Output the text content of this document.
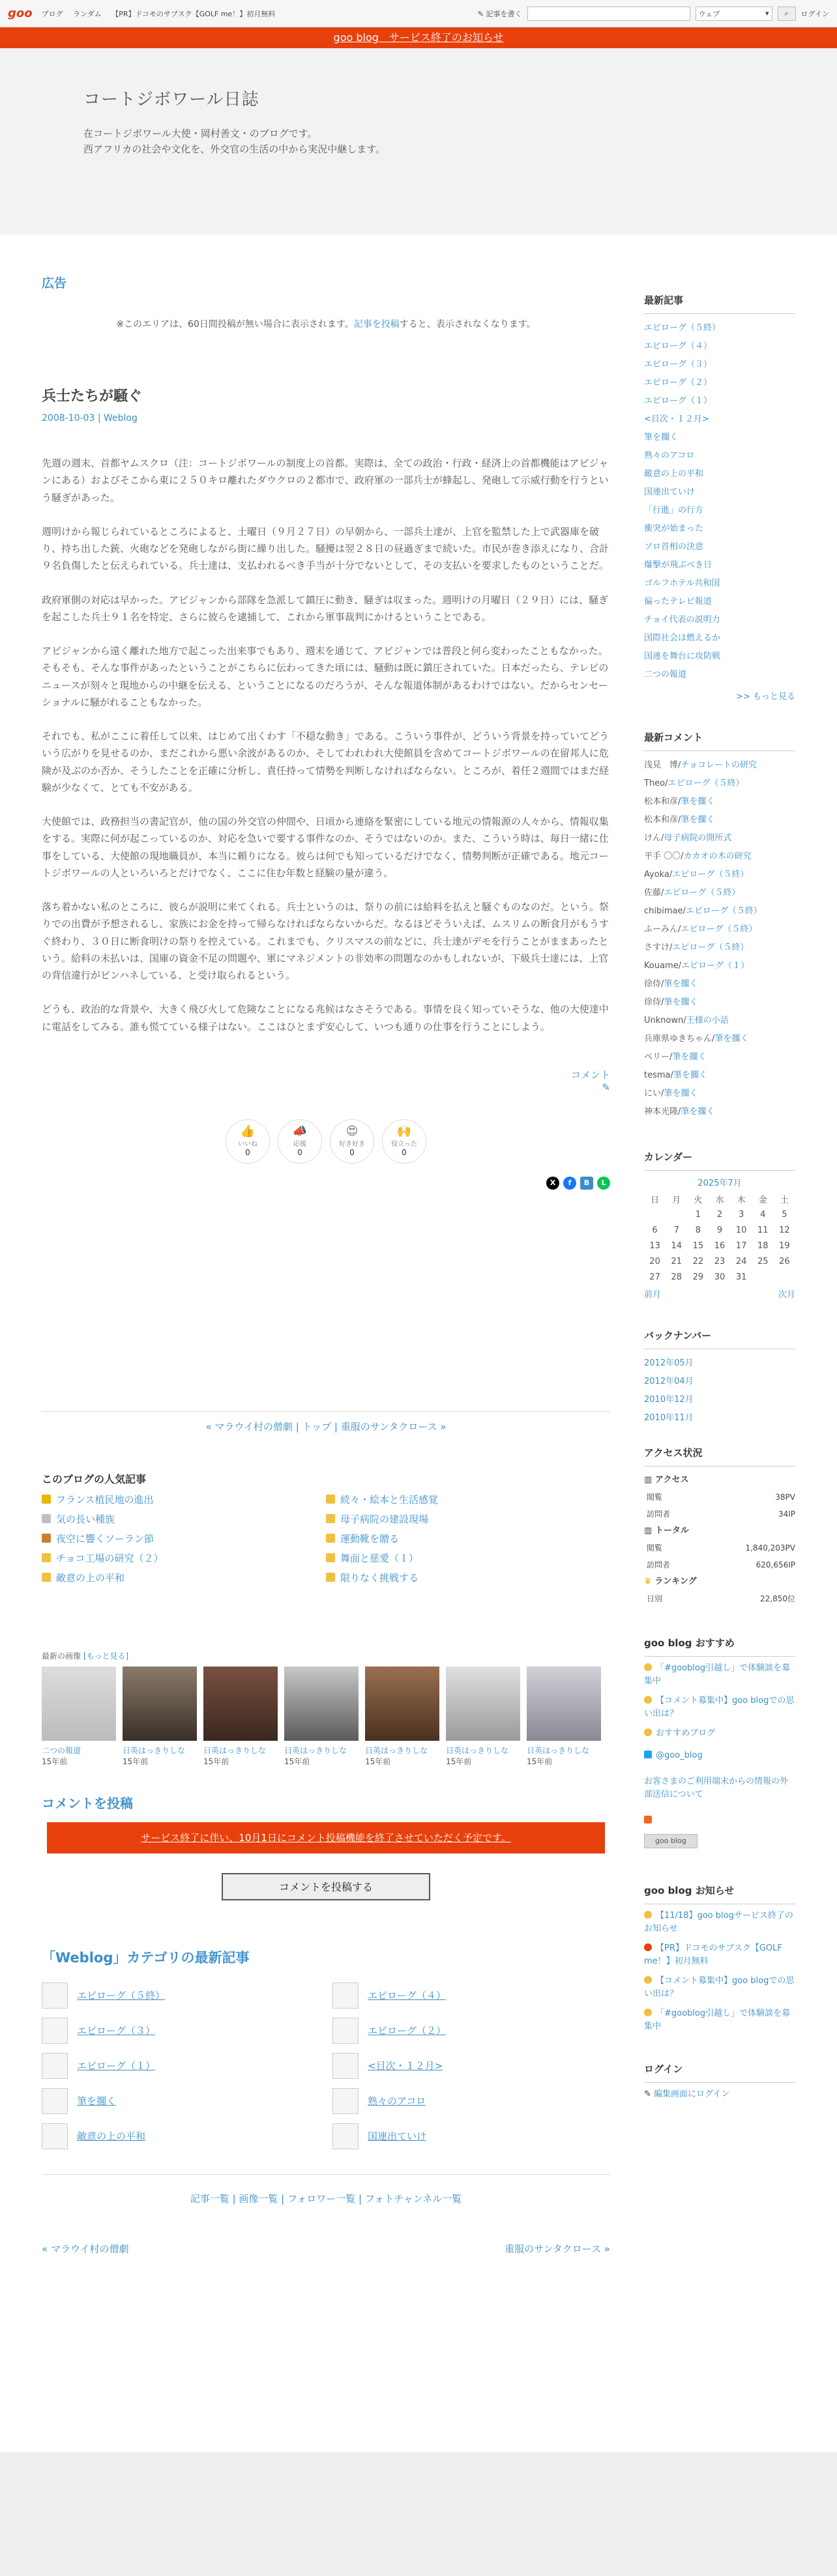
goo ブログ ランダム 【PR】ドコモのサブスク【GOLF me！】初月無料	✎ 記事を書く	ウェブ	▾ ⌕ ログイン
goo blog　サービス終了のお知らせ
コートジボワール日誌
在コートジボワール大使・岡村善文・のブログです。
西アフリカの社会や文化を、外交官の生活の中から実況中継します。
広告
※このエリアは、60日間投稿が無い場合に表示されます。記事を投稿すると、表示されなくなります。
兵士たちが騒ぐ
2008-10-03 | Weblog

先週の週末、首都ヤムスクロ（注：コートジボワールの制度上の首都。実際は、全ての政治・行政・経済上の首都機能はアビジャンにある）およびそこから東に２５０キロ離れたダウクロの２都市で、政府軍の一部兵士が蜂起し、発砲して示威行動を行うという騒ぎがあった。

週明けから報じられているところによると、土曜日（９月２７日）の早朝から、一部兵士達が、上官を監禁した上で武器庫を破り、持ち出した銃、火砲などを発砲しながら街に繰り出した。騒擾は翌２８日の昼過ぎまで続いた。市民が巻き添えになり、合計９名負傷したと伝えられている。兵士達は、支払われるべき手当が十分でないとして、その支払いを要求したものということだ。

政府軍側の対応は早かった。アビジャンから部隊を急派して鎮圧に動き、騒ぎは収まった。週明けの月曜日（２９日）には、騒ぎを起こした兵士９１名を特定、さらに彼らを逮捕して、これから軍事裁判にかけるということである。

アビジャンから遠く離れた地方で起こった出来事でもあり、週末を通じて、アビジャンでは普段と何ら変わったこともなかった。そもそも、そんな事件があったということがこちらに伝わってきた頃には、騒動は既に鎮圧されていた。日本だったら、テレビのニュースが刻々と現地からの中継を伝える、ということになるのだろうが、そんな報道体制があるわけではない。だからセンセーショナルに騒がれることもなかった。

それでも、私がここに着任して以来、はじめて出くわす「不穏な動き」である。こういう事件が、どういう背景を持っていてどういう広がりを見せるのか、まだこれから悪い余波があるのか、そしてわれわれ大使館員を含めてコートジボワールの在留邦人に危険が及ぶのか否か、そうしたことを正確に分析し、責任持って情勢を判断しなければならない。ところが、着任２週間ではまだ経験が少なくて、とても不安がある。

大使館では、政務担当の書記官が、他の国の外交官の仲間や、日頃から連絡を緊密にしている地元の情報源の人々から、情報収集をする。実際に何が起こっているのか、対応を急いで要する事件なのか、そうではないのか。また、こういう時は、毎日一緒に仕事をしている、大使館の現地職員が、本当に頼りになる。彼らは何でも知っているだけでなく、情勢判断が正確である。地元コートジボワールの人といろいろとだけでなく、ここに住む年数と経験の量が違う。

落ち着かない私のところに、彼らが説明に来てくれる。兵士というのは、祭りの前には給料を払えと騒ぐものなのだ。という。祭りでの出費が予想されるし、家族にお金を持って帰らなければならないからだ。なるほどそういえば、ムスリムの断食月がもうすぐ終わり、３０日に断食明けの祭りを控えている。これまでも、クリスマスの前などに、兵士達がデモを行うことがままあったという。給料の未払いは、国庫の資金不足の問題や、軍にマネジメントの非効率の問題なのかもしれないが、下級兵士達には、上官の背信違行がピンハネしている、と受け取られるという。

どうも、政治的な背景や、大きく飛び火して危険なことになる兆候はなさそうである。事情を良く知っていそうな、他の大使達中に電話をしてみる。誰も慌てている様子はない。ここはひとまず安心して、いつも通りの仕事を行うことにしよう。

コメント
✎
👍
いいね
0
📣
応援
0
😍
好き好き
0
🙌
役立った
0
X	f	B	L
« マラウイ村の僧劇 | トップ | 重服のサンタクロース »
このブログの人気記事
フランス植民地の進出	続々・絵本と生活感覚
気の長い種族	母子病院の建設現場
夜空に響くソーラン節	運動靴を贈る
チョコ工場の研究（２）	舞面と慈愛（１）
敵意の上の平和	限りなく挑戦する
最新の画像 [もっと見る]
二つの報道
15年前
日英はっきりしな
15年前
日英はっきりしな
15年前
日英はっきりしな
15年前
日英はっきりしな
15年前
日英はっきりしな
15年前
日英はっきりしな
15年前
コメントを投稿
サービス終了に伴い、10月1日にコメント投稿機能を終了させていただく予定です。
コメントを投稿する
「Weblog」カテゴリの最新記事
エピローグ（５終）	エピローグ（４）
エピローグ（３）	エピローグ（２）
エピローグ（１）	<目次・１２月>
筆を擱く	熟々のアコロ
敵意の上の平和	国連出ていけ
記事一覧 | 画像一覧 | フォロワー一覧 | フォトチャンネル一覧
« マラウイ村の僧劇	重服のサンタクロース »
最新記事
エピローグ（５終）
エピローグ（４）
エピローグ（３）
エピローグ（２）
エピローグ（１）
<目次・１２月>
筆を擱く
熟々のアコロ
敵意の上の平和
国連出ていけ
「行進」の行方
衝突が始まった
ソロ首相の決意
爆撃が飛ぶべき日
ゴルフホテル共和国
偏ったテレビ報道
チョイ代表の説明力
国際社会は燃えるか
国連を舞台に攻防戦
二つの報道
>> もっと見る
最新コメント
浅見　博/チョコレートの研究
Theo/エピローグ（５終）
松本和彦/筆を擱く
松本和彦/筆を擱く
けん/母子病院の開所式
平手 〇〇/カカオの木の研究
Ayoka/エピローグ（５終）
佐藤/エピローグ（５終）
chibimae/エピローグ（５終）
ふーみん/エピローグ（５終）
さすけ/エピローグ（５終）
Kouame/エピローグ（１）
徐侍/筆を擱く
徐侍/筆を擱く
Unknown/王様の小話
兵庫県ゆきちゃん/筆を擱く
ペリー/筆を擱く
tesma/筆を擱く
にい/筆を擱く
神本光隆/筆を擱く
カレンダー
2025年7月
日	月	火	水	木	金	土
		1	2	3	4	5
6	7	8	9	10	11	12
13	14	15	16	17	18	19
20	21	22	23	24	25	26
27	28	29	30	31		
前月	次月
バックナンバー
2012年05月
2012年04月
2010年12月
2010年11月
アクセス状況
▥ アクセス
閲覧	38PV
訪問者	34IP
▥ トータル
閲覧	1,840,203PV
訪問者	620,656IP
♛ ランキング
日別	22,850位
goo blog おすすめ
「#gooblog引越し」で体験談を募集中
【コメント募集中】goo blogでの思い出は？
おすすめブログ
@goo_blog
お客さまのご利用端末からの情報の外部送信について
goo blog
goo blog お知らせ
【11/18】goo blogサービス終了のお知らせ
【PR】ドコモのサブスク【GOLF me！】初月無料
【コメント募集中】goo blogでの思い出は？
「#gooblog引越し」で体験談を募集中
ログイン
✎ 編集画面にログイン
